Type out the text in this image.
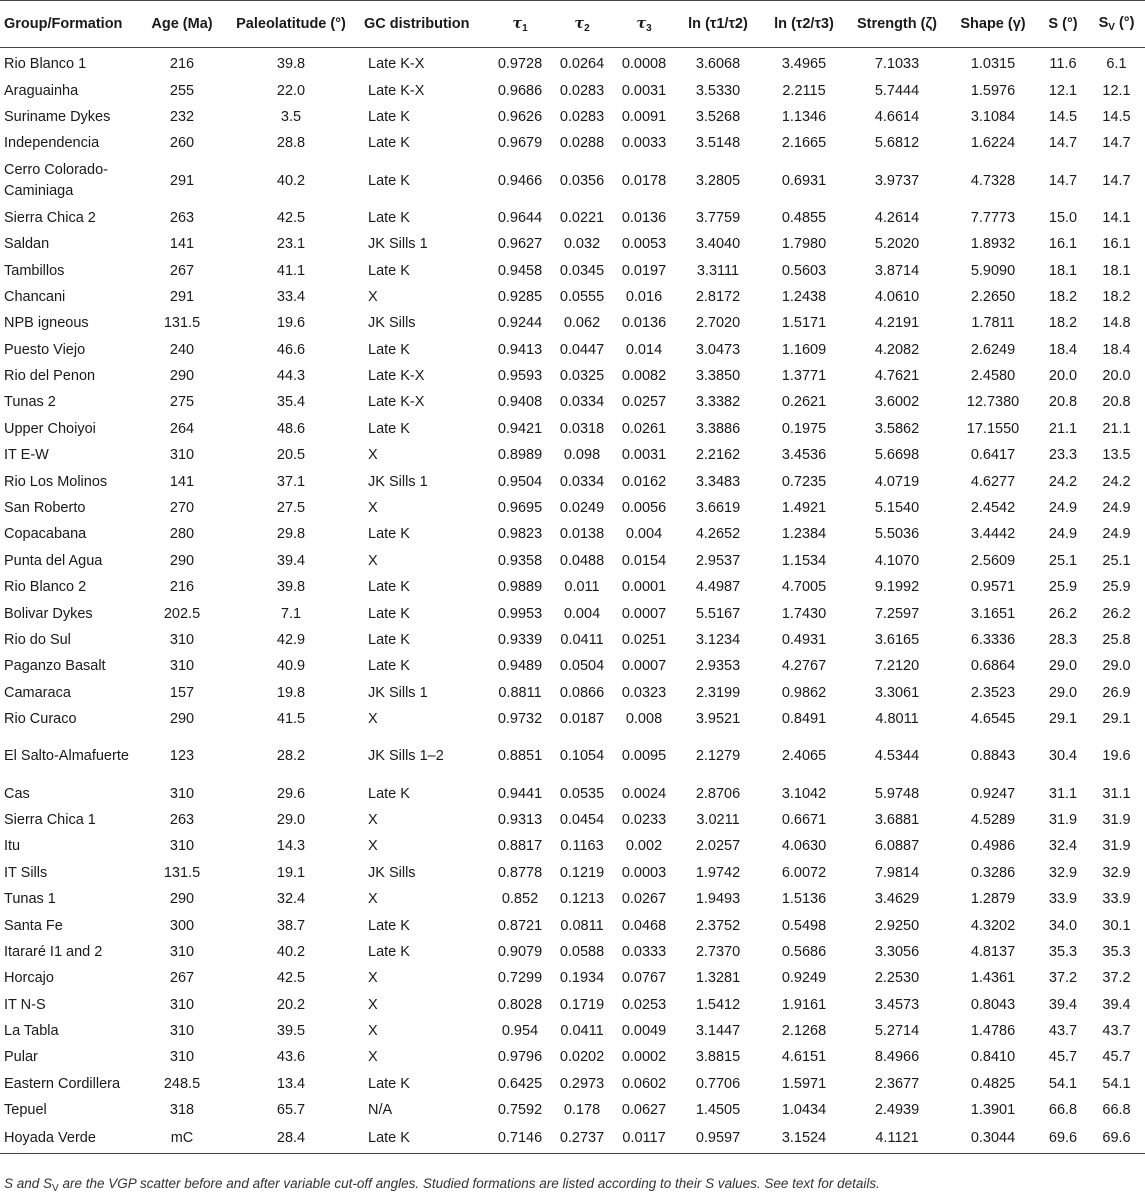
Group/Formation	Age (Ma)	Paleolatitude (°)	GC distribution	$\tau_1$	$\tau_2$	$\tau_3$	ln (τ1/τ2)	ln (τ2/τ3)	Strength (ζ)	Shape (γ)	S (°)	$S_V$ (°)
Rio Blanco 1	216	39.8	Late K-X	0.9728	0.0264	0.0008	3.6068	3.4965	7.1033	1.0315	11.6	6.1
Araguainha	255	22.0	Late K-X	0.9686	0.0283	0.0031	3.5330	2.2115	5.7444	1.5976	12.1	12.1
Suriname Dykes	232	3.5	Late K	0.9626	0.0283	0.0091	3.5268	1.1346	4.6614	3.1084	14.5	14.5
Independencia	260	28.8	Late K	0.9679	0.0288	0.0033	3.5148	2.1665	5.6812	1.6224	14.7	14.7
Cerro Colorado-Caminiaga	291	40.2	Late K	0.9466	0.0356	0.0178	3.2805	0.6931	3.9737	4.7328	14.7	14.7
Sierra Chica 2	263	42.5	Late K	0.9644	0.0221	0.0136	3.7759	0.4855	4.2614	7.7773	15.0	14.1
Saldan	141	23.1	JK Sills 1	0.9627	0.032	0.0053	3.4040	1.7980	5.2020	1.8932	16.1	16.1
Tambillos	267	41.1	Late K	0.9458	0.0345	0.0197	3.3111	0.5603	3.8714	5.9090	18.1	18.1
Chancani	291	33.4	X	0.9285	0.0555	0.016	2.8172	1.2438	4.0610	2.2650	18.2	18.2
NPB igneous	131.5	19.6	JK Sills	0.9244	0.062	0.0136	2.7020	1.5171	4.2191	1.7811	18.2	14.8
Puesto Viejo	240	46.6	Late K	0.9413	0.0447	0.014	3.0473	1.1609	4.2082	2.6249	18.4	18.4
Rio del Penon	290	44.3	Late K-X	0.9593	0.0325	0.0082	3.3850	1.3771	4.7621	2.4580	20.0	20.0
Tunas 2	275	35.4	Late K-X	0.9408	0.0334	0.0257	3.3382	0.2621	3.6002	12.7380	20.8	20.8
Upper Choiyoi	264	48.6	Late K	0.9421	0.0318	0.0261	3.3886	0.1975	3.5862	17.1550	21.1	21.1
IT E-W	310	20.5	X	0.8989	0.098	0.0031	2.2162	3.4536	5.6698	0.6417	23.3	13.5
Rio Los Molinos	141	37.1	JK Sills 1	0.9504	0.0334	0.0162	3.3483	0.7235	4.0719	4.6277	24.2	24.2
San Roberto	270	27.5	X	0.9695	0.0249	0.0056	3.6619	1.4921	5.1540	2.4542	24.9	24.9
Copacabana	280	29.8	Late K	0.9823	0.0138	0.004	4.2652	1.2384	5.5036	3.4442	24.9	24.9
Punta del Agua	290	39.4	X	0.9358	0.0488	0.0154	2.9537	1.1534	4.1070	2.5609	25.1	25.1
Rio Blanco 2	216	39.8	Late K	0.9889	0.011	0.0001	4.4987	4.7005	9.1992	0.9571	25.9	25.9
Bolivar Dykes	202.5	7.1	Late K	0.9953	0.004	0.0007	5.5167	1.7430	7.2597	3.1651	26.2	26.2
Rio do Sul	310	42.9	Late K	0.9339	0.0411	0.0251	3.1234	0.4931	3.6165	6.3336	28.3	25.8
Paganzo Basalt	310	40.9	Late K	0.9489	0.0504	0.0007	2.9353	4.2767	7.2120	0.6864	29.0	29.0
Camaraca	157	19.8	JK Sills 1	0.8811	0.0866	0.0323	2.3199	0.9862	3.3061	2.3523	29.0	26.9
Rio Curaco	290	41.5	X	0.9732	0.0187	0.008	3.9521	0.8491	4.8011	4.6545	29.1	29.1
El Salto-Almafuerte	123	28.2	JK Sills 1–2	0.8851	0.1054	0.0095	2.1279	2.4065	4.5344	0.8843	30.4	19.6
Cas	310	29.6	Late K	0.9441	0.0535	0.0024	2.8706	3.1042	5.9748	0.9247	31.1	31.1
Sierra Chica 1	263	29.0	X	0.9313	0.0454	0.0233	3.0211	0.6671	3.6881	4.5289	31.9	31.9
Itu	310	14.3	X	0.8817	0.1163	0.002	2.0257	4.0630	6.0887	0.4986	32.4	31.9
IT Sills	131.5	19.1	JK Sills	0.8778	0.1219	0.0003	1.9742	6.0072	7.9814	0.3286	32.9	32.9
Tunas 1	290	32.4	X	0.852	0.1213	0.0267	1.9493	1.5136	3.4629	1.2879	33.9	33.9
Santa Fe	300	38.7	Late K	0.8721	0.0811	0.0468	2.3752	0.5498	2.9250	4.3202	34.0	30.1
Itararé I1 and 2	310	40.2	Late K	0.9079	0.0588	0.0333	2.7370	0.5686	3.3056	4.8137	35.3	35.3
Horcajo	267	42.5	X	0.7299	0.1934	0.0767	1.3281	0.9249	2.2530	1.4361	37.2	37.2
IT N-S	310	20.2	X	0.8028	0.1719	0.0253	1.5412	1.9161	3.4573	0.8043	39.4	39.4
La Tabla	310	39.5	X	0.954	0.0411	0.0049	3.1447	2.1268	5.2714	1.4786	43.7	43.7
Pular	310	43.6	X	0.9796	0.0202	0.0002	3.8815	4.6151	8.4966	0.8410	45.7	45.7
Eastern Cordillera	248.5	13.4	Late K	0.6425	0.2973	0.0602	0.7706	1.5971	2.3677	0.4825	54.1	54.1
Tepuel	318	65.7	N/A	0.7592	0.178	0.0627	1.4505	1.0434	2.4939	1.3901	66.8	66.8
Hoyada Verde	mC	28.4	Late K	0.7146	0.2737	0.0117	0.9597	3.1524	4.1121	0.3044	69.6	69.6
S and $S_V$ are the VGP scatter before and after variable cut-off angles. Studied formations are listed according to their S values. See text for details.
